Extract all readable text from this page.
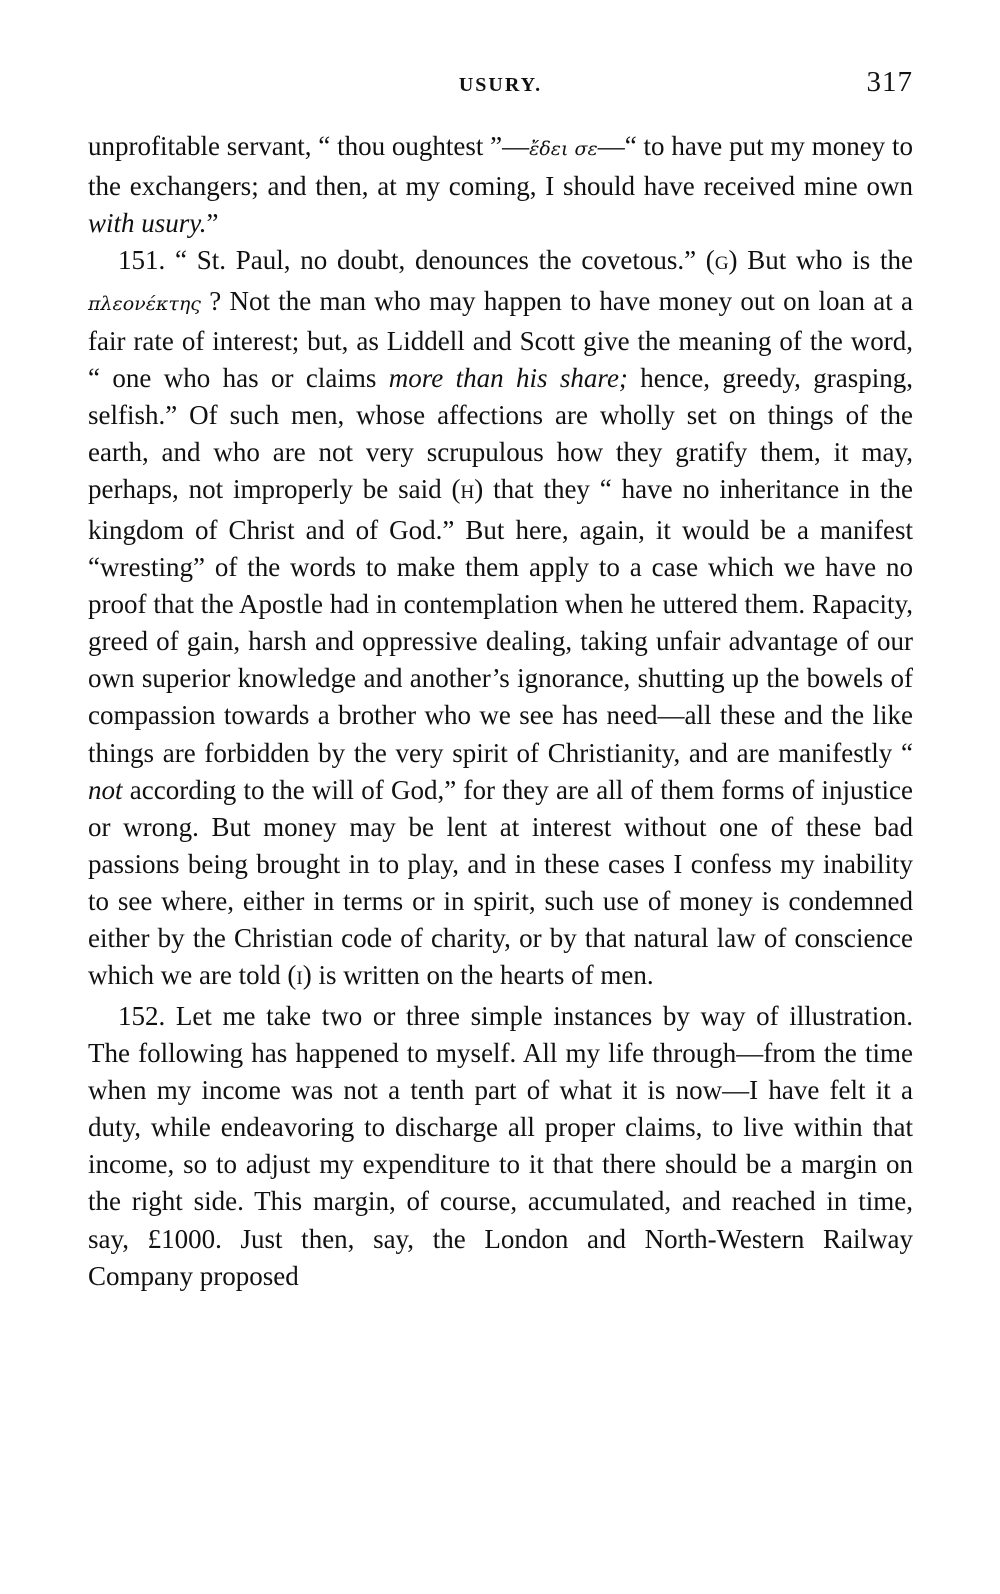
USURY.	317

unprofitable servant, “ thou oughtest ”—ἔδει σε—“ to have put my money to the exchangers; and then, at my coming, I should have received mine own with usury.”

151. “ St. Paul, no doubt, denounces the covetous.” (G) But who is the πλεονέκτης ? Not the man who may happen to have money out on loan at a fair rate of interest; but, as Liddell and Scott give the meaning of the word, “ one who has or claims more than his share; hence, greedy, grasping, selfish.” Of such men, whose affections are wholly set on things of the earth, and who are not very scrupulous how they gratify them, it may, perhaps, not improperly be said (H) that they “ have no inheritance in the kingdom of Christ and of God.” But here, again, it would be a manifest “wresting” of the words to make them apply to a case which we have no proof that the Apostle had in contemplation when he uttered them. Rapacity, greed of gain, harsh and oppressive dealing, taking unfair advantage of our own superior knowledge and another’s ignorance, shutting up the bowels of compassion towards a brother who we see has need—all these and the like things are forbidden by the very spirit of Christianity, and are manifestly “ not according to the will of God,” for they are all of them forms of injustice or wrong. But money may be lent at interest without one of these bad passions being brought in to play, and in these cases I confess my inability to see where, either in terms or in spirit, such use of money is condemned either by the Christian code of charity, or by that natural law of conscience which we are told (I) is written on the hearts of men.

152. Let me take two or three simple instances by way of illustration. The following has happened to myself. All my life through—from the time when my income was not a tenth part of what it is now—I have felt it a duty, while endeavoring to discharge all proper claims, to live within that income, so to adjust my expenditure to it that there should be a margin on the right side. This margin, of course, accumulated, and reached in time, say, £1000. Just then, say, the London and North-Western Railway Company proposed
